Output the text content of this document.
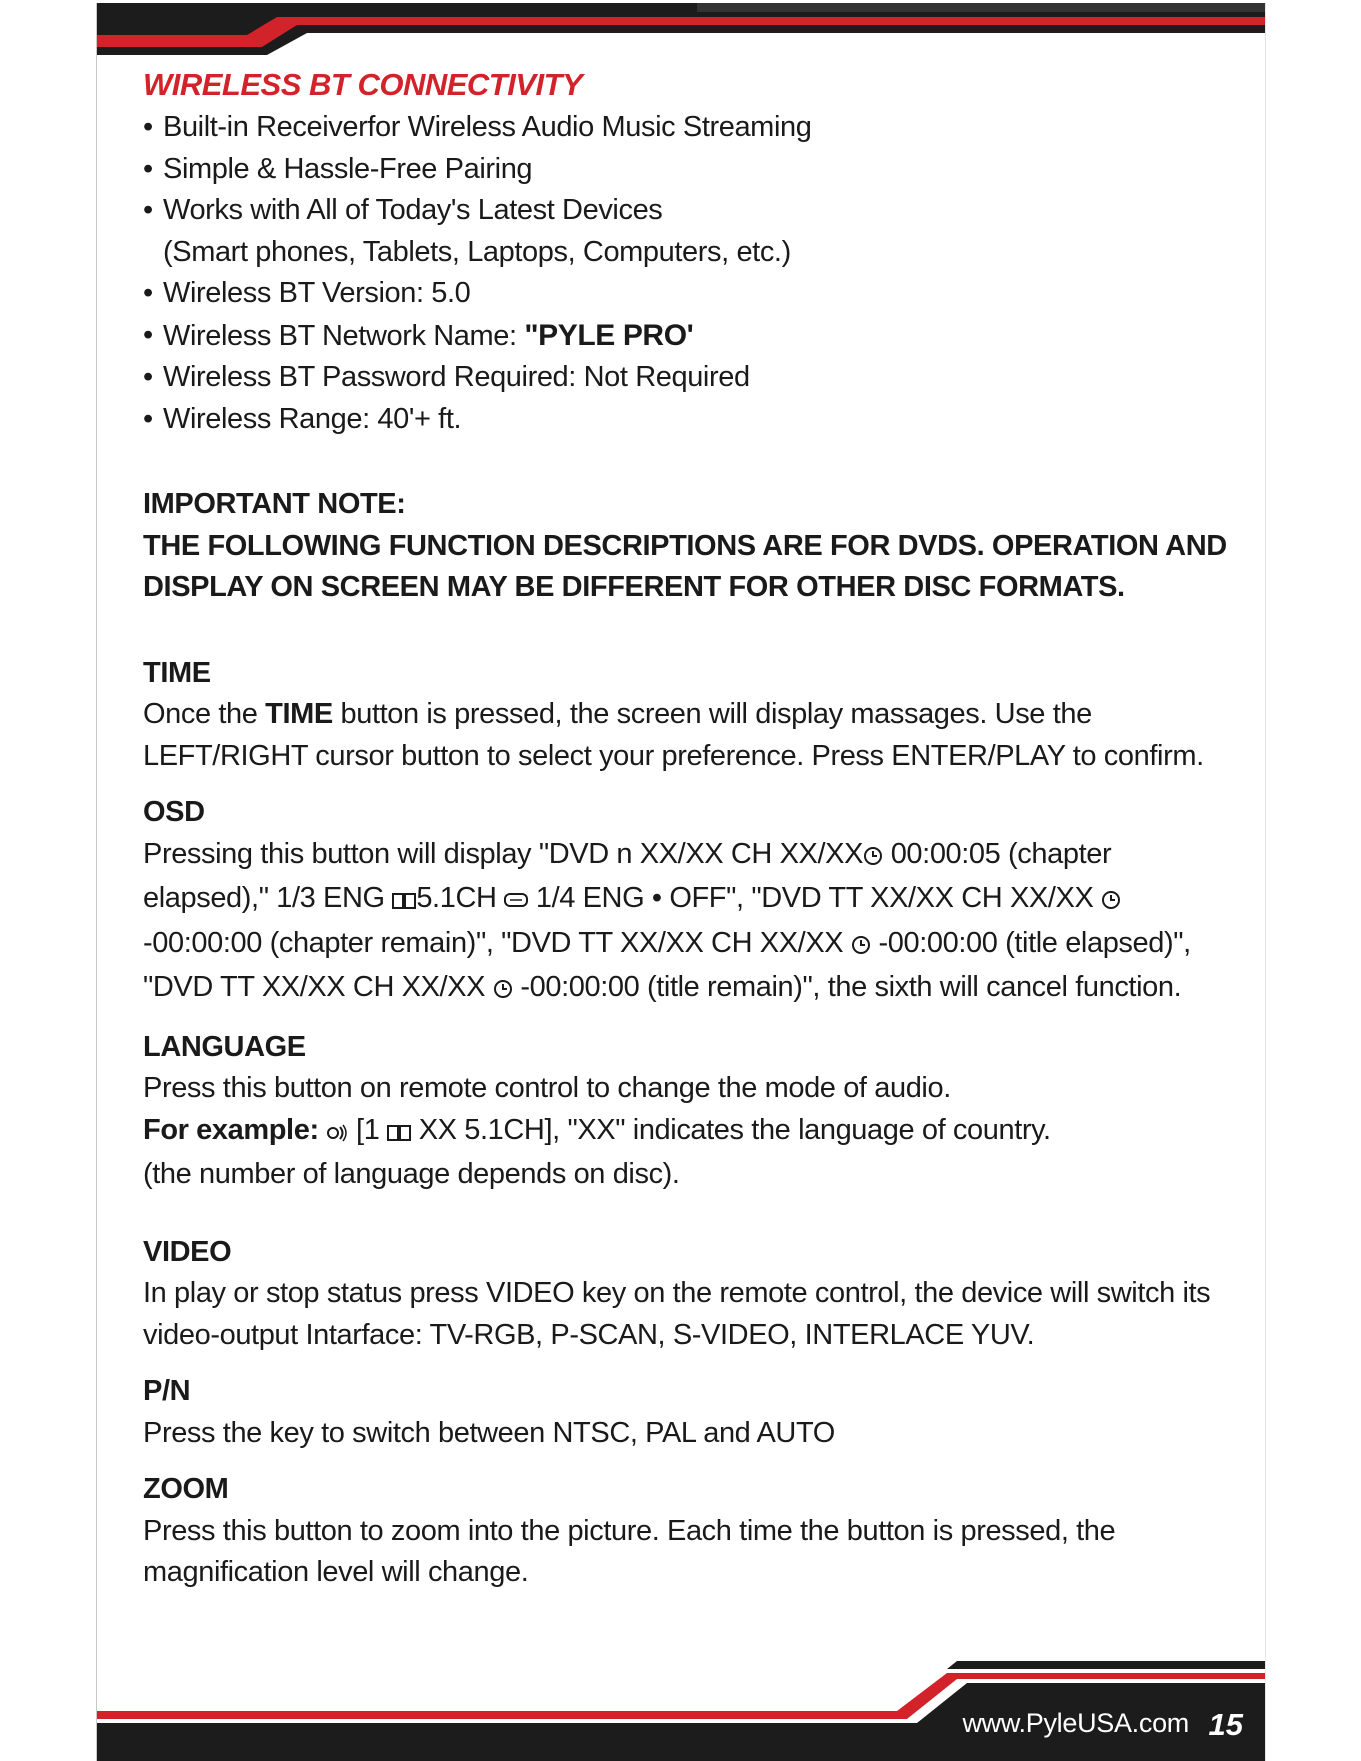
WIRELESS BT CONNECTIVITY
• Built-in Receiverfor Wireless Audio Music Streaming
• Simple & Hassle-Free Pairing
• Works with All of Today's Latest Devices
(Smart phones, Tablets, Laptops, Computers, etc.)
• Wireless BT Version: 5.0
• Wireless BT Network Name: "PYLE PRO'
• Wireless BT Password Required: Not Required
• Wireless Range: 40'+ ft.

IMPORTANT NOTE:

THE FOLLOWING FUNCTION DESCRIPTIONS ARE FOR DVDS. OPERATION AND DISPLAY ON SCREEN MAY BE DIFFERENT FOR OTHER DISC FORMATS.

TIME

Once the TIME button is pressed, the screen will display massages. Use the LEFT/RIGHT cursor button to select your preference. Press ENTER/PLAY to confirm.

OSD

Pressing this button will display "DVD n XX/XX CH XX/XX 00:00:05 (chapter elapsed)," 1/3 ENG 5.1CH  1/4 ENG • OFF", "DVD TT XX/XX CH XX/XX  -00:00:00 (chapter remain)", "DVD TT XX/XX CH XX/XX  -00:00:00 (title elapsed)", "DVD TT XX/XX CH XX/XX  -00:00:00 (title remain)", the sixth will cancel function.

LANGUAGE

Press this button on remote control to change the mode of audio.

For example:  [1  XX 5.1CH], "XX" indicates the language of country.

(the number of language depends on disc).

VIDEO

In play or stop status press VIDEO key on the remote control, the device will switch its video-output Intarface: TV-RGB, P-SCAN, S-VIDEO, INTERLACE YUV.

P/N

Press the key to switch between NTSC, PAL and AUTO

ZOOM

Press this button to zoom into the picture. Each time the button is pressed, the magnification level will change.

www.PyleUSA.com 15
